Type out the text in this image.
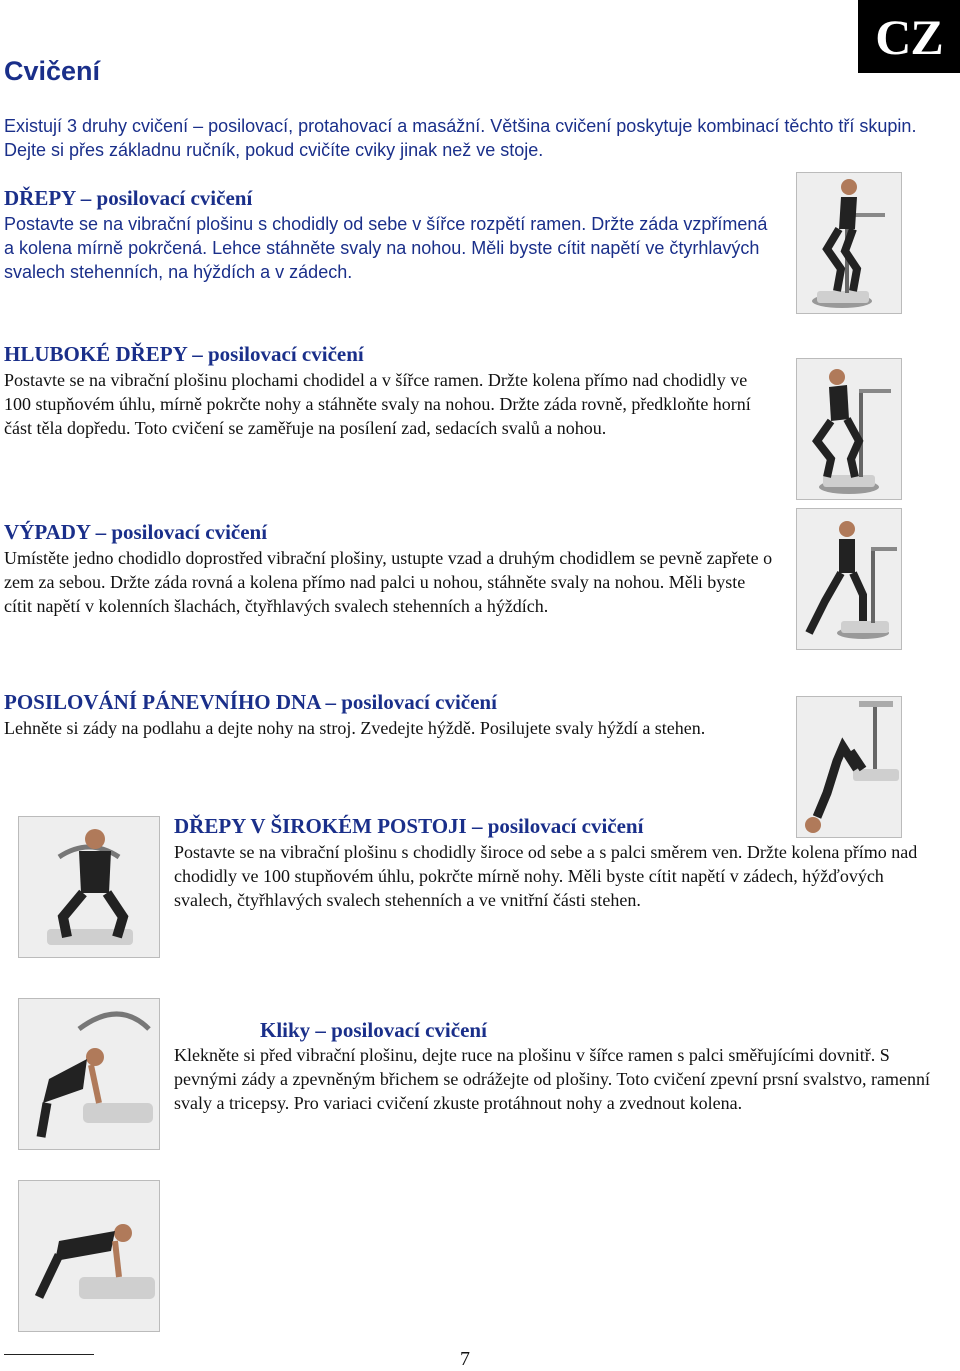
CZ
Cvičení

Existují 3 druhy cvičení – posilovací, protahovací a masážní. Většina cvičení poskytuje kombinací těchto tří skupin. Dejte si přes základnu ručník, pokud cvičíte cviky jinak než ve stoje.

DŘEPY – posilovací cvičení

Postavte se na vibrační plošinu s chodidly od sebe v šířce rozpětí ramen. Držte záda vzpřímená a kolena mírně pokrčená. Lehce stáhněte svaly na nohou. Měli byste cítit napětí ve čtyrhlavých svalech stehenních, na hýždích a v zádech.

HLUBOKÉ DŘEPY – posilovací cvičení

Postavte se na vibrační plošinu plochami chodidel a v šířce ramen. Držte kolena přímo nad chodidly ve 100 stupňovém úhlu, mírně pokrčte nohy a stáhněte svaly na nohou. Držte záda rovně, předkloňte horní část těla dopředu. Toto cvičení se zaměřuje na posílení zad, sedacích svalů a nohou.

VÝPADY – posilovací cvičení

Umístěte jedno chodidlo doprostřed vibrační plošiny, ustupte vzad a druhým chodidlem se pevně zapřete o zem za sebou. Držte záda rovná a kolena přímo nad palci u nohou, stáhněte svaly na nohou. Měli byste cítit napětí v kolenních šlachách, čtyřhlavých svalech stehenních a hýždích.

POSILOVÁNÍ PÁNEVNÍHO DNA – posilovací cvičení

Lehněte si zády na podlahu a dejte nohy na stroj. Zvedejte hýždě. Posilujete svaly hýždí a stehen.

DŘEPY V ŠIROKÉM POSTOJI – posilovací cvičení

Postavte se na vibrační plošinu s chodidly široce od sebe a s palci směrem ven. Držte kolena přímo nad chodidly ve 100 stupňovém úhlu, pokrčte mírně nohy. Měli byste cítit napětí v zádech, hýžďových svalech, čtyřhlavých svalech stehenních a ve vnitřní části stehen.

Kliky – posilovací cvičení

Klekněte si před vibrační plošinu, dejte ruce na plošinu v šířce ramen s palci směřujícími dovnitř. S pevnými zády a zpevněným břichem se odrážejte od plošiny. Toto cvičení zpevní prsní svalstvo, ramenní svaly a tricepsy. Pro variaci cvičení zkuste protáhnout nohy a zvednout kolena.

7
